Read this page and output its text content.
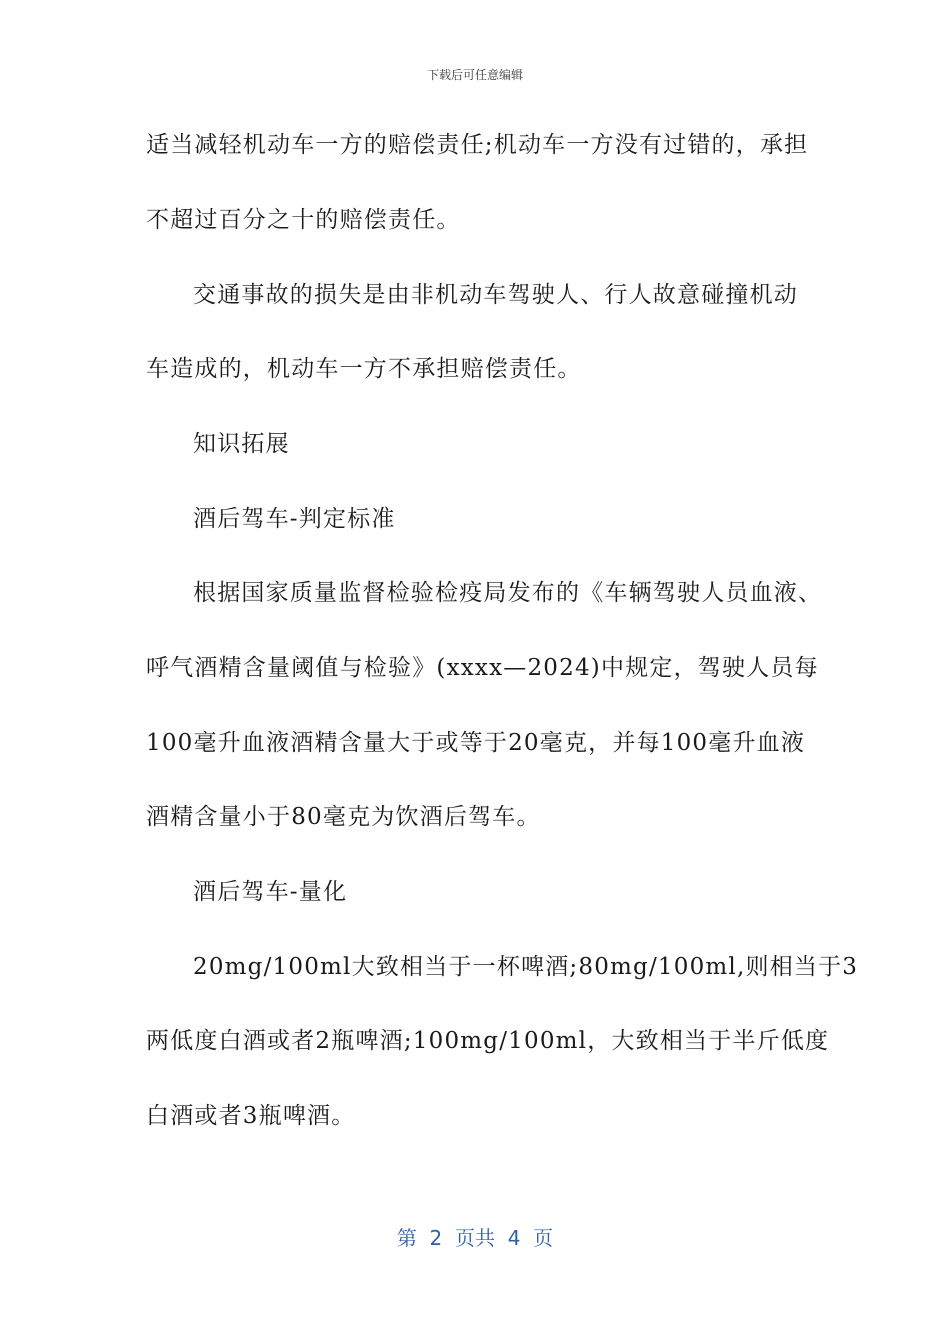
下载后可任意编辑
适当减轻机动车一方的赔偿责任;机动车一方没有过错的，承担
不超过百分之十的赔偿责任。
交通事故的损失是由非机动车驾驶人、行人故意碰撞机动
车造成的，机动车一方不承担赔偿责任。
知识拓展
酒后驾车-判定标准
根据国家质量监督检验检疫局发布的《车辆驾驶人员血液、
呼气酒精含量阈值与检验》(xxxx—2024)中规定，驾驶人员每
100毫升血液酒精含量大于或等于20毫克，并每100毫升血液
酒精含量小于80毫克为饮酒后驾车。
酒后驾车-量化
20mg/100ml大致相当于一杯啤酒;80mg/100ml,则相当于3
两低度白酒或者2瓶啤酒;100mg/100ml，大致相当于半斤低度
白酒或者3瓶啤酒。
第  2  页共  4  页
